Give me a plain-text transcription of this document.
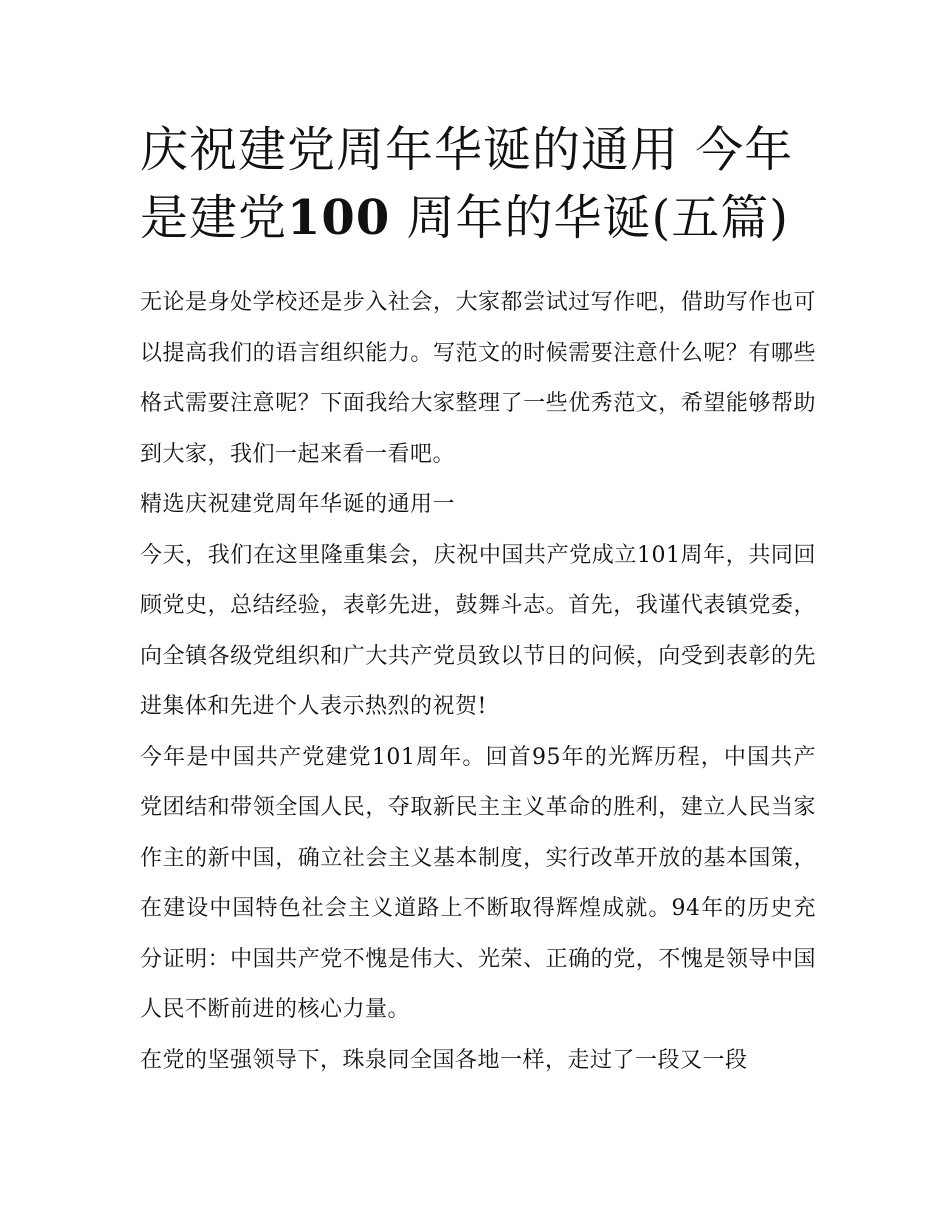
庆祝建党周年华诞的通用 今年是建党100 周年的华诞(五篇)

无论是身处学校还是步入社会，大家都尝试过写作吧，借助写作也可以提高我们的语言组织能力。写范文的时候需要注意什么呢？有哪些格式需要注意呢？下面我给大家整理了一些优秀范文，希望能够帮助到大家，我们一起来看一看吧。

精选庆祝建党周年华诞的通用一

今天，我们在这里隆重集会，庆祝中国共产党成立101周年，共同回顾党史，总结经验，表彰先进，鼓舞斗志。首先，我谨代表镇党委，向全镇各级党组织和广大共产党员致以节日的问候，向受到表彰的先进集体和先进个人表示热烈的祝贺!

今年是中国共产党建党101周年。回首95年的光辉历程，中国共产党团结和带领全国人民，夺取新民主主义革命的胜利，建立人民当家作主的新中国，确立社会主义基本制度，实行改革开放的基本国策，在建设中国特色社会主义道路上不断取得辉煌成就。94年的历史充分证明：中国共产党不愧是伟大、光荣、正确的党，不愧是领导中国人民不断前进的核心力量。

在党的坚强领导下，珠泉同全国各地一样，走过了一段又一段
